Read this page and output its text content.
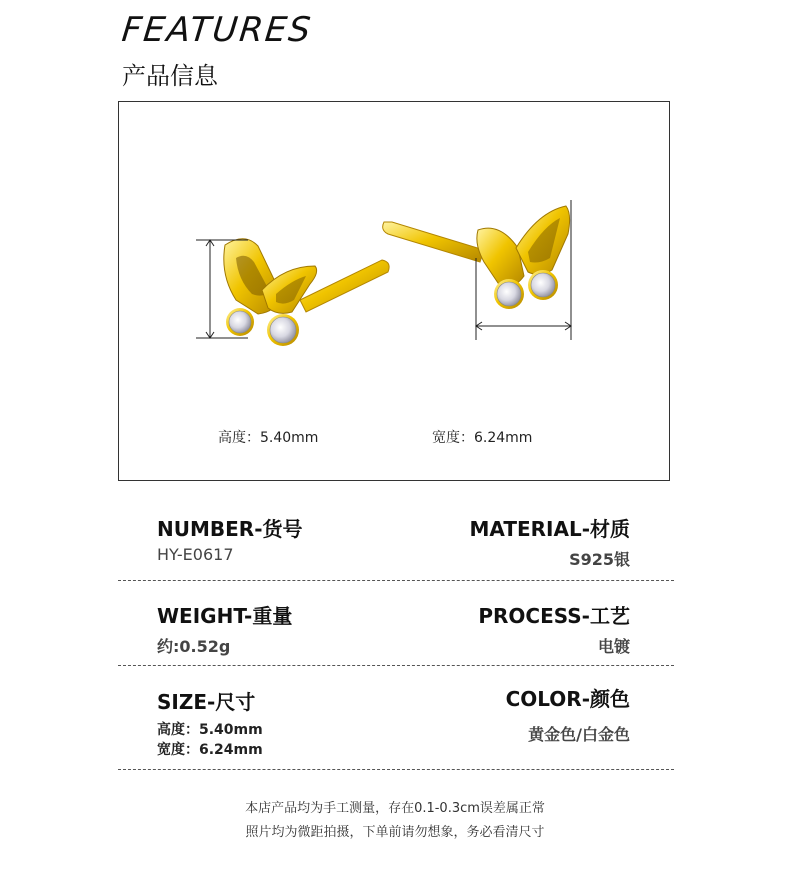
FEATURES
产品信息
高度：5.40mm	宽度：6.24mm
NUMBER-货号
HY-E0617
MATERIAL-材质
S925银
WEIGHT-重量
约:0.52g
PROCESS-工艺
电镀
SIZE-尺寸
高度：5.40mm
宽度：6.24mm
COLOR-颜色
黄金色/白金色
本店产品均为手工测量，存在0.1-0.3cm误差属正常
照片均为微距拍摄，下单前请勿想象，务必看清尺寸
